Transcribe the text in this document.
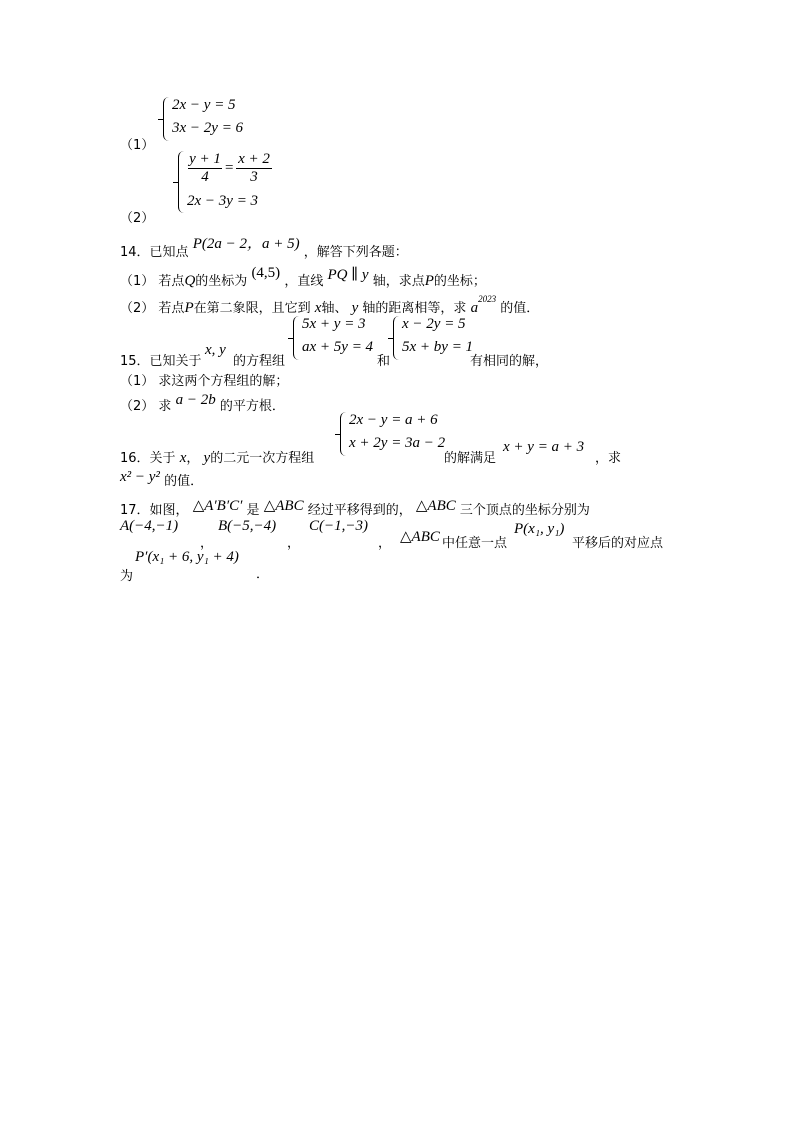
2x − y = 5
3x − 2y = 6
（1）
$\frac{y + 1}{4} = \frac{x + 2}{3}$
2x − 3y = 3
（2）
14．已知点 P(2a − 2，a + 5) ，解答下列各题：
（1） 若点Q的坐标为 (4,5) ，直线 PQ ∥ y 轴，求点P的坐标；
（2） 若点P在第二象限，且它到 x轴、 y 轴的距离相等，求 $a^{2023}$ 的值．
5x + y = 3
ax + 5y = 4
x − 2y = 5
5x + by = 1
15．已知关于
x, y
的方程组	和	有相同的解，
（1） 求这两个方程组的解；
（2） 求 a − 2b 的平方根．
2x − y = a + 6
x + 2y = 3a − 2
16．关于 x， y的二元一次方程组	的解满足
x + y = a + 3
，求
x² − y² 的值．
17．如图， △A′B′C′ 是 △ABC 经过平移得到的， △ABC 三个顶点的坐标分别为
A(−4,−1)
，
B(−5,−4)
，
C(−1,−3)
， △ABC 中任意一点
P(x₁, y₁)
平移后的对应点
为
P′(x₁ + 6, y₁ + 4)
．
